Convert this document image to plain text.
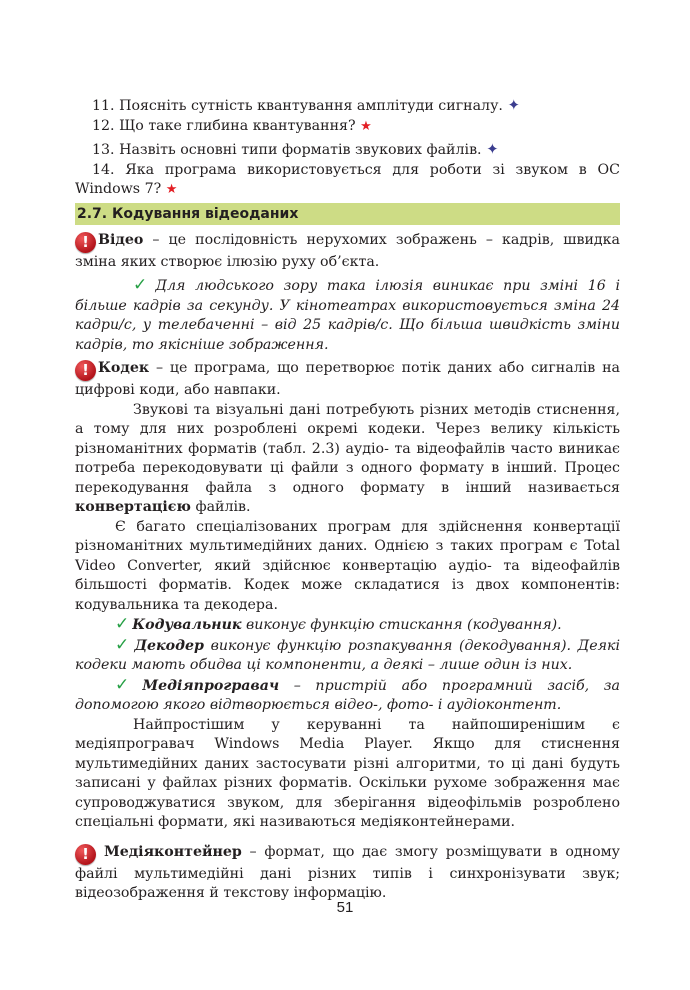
11. Поясніть сутність квантування амплітуди сигналу. ✦

12. Що таке глибина квантування? ★

13. Назвіть основні типи форматів звукових файлів. ✦

14. Яка програма використовується для роботи зі звуком в ОС Windows 7? ★

2.7. Кодування відеоданих

! Відео – це послідовність нерухомих зображень – кадрів, швидка зміна яких створює ілюзію руху об’єкта.

✓ Для людського зору така ілюзія виникає при зміні 16 і більше кадрів за секунду. У кінотеатрах використовується зміна 24 кадри/с, у телебаченні – від 25 кадрів/с. Що більша швидкість зміни кадрів, то якісніше зображення.

! Кодек – це програма, що перетворює потік даних або сигналів на цифрові коди, або навпаки.

Звукові та візуальні дані потребують різних методів стиснення, а тому для них розроблені окремі кодеки. Через велику кількість різноманітних форматів (табл. 2.3) аудіо- та відеофайлів часто виникає потреба перекодовувати ці файли з одного формату в інший. Процес перекодування файла з одного формату в інший називається конвертацією файлів.

Є багато спеціалізованих програм для здійснення конвертації різноманітних мультимедійних даних. Однією з таких програм є Total Video Converter, який здійснює конвертацію аудіо- та відеофайлів більшості форматів. Кодек може складатися із двох компонентів: кодувальника та декодера.

✓ Кодувальник виконує функцію стискання (кодування).

✓ Декодер виконує функцію розпакування (декодування). Деякі кодеки мають обидва ці компоненти, а деякі – лише один із них.

✓ Медіяпрогравач – пристрій або програмний засіб, за допомогою якого відтворюється відео-, фото- і аудіоконтент.

Найпростішим у керуванні та найпоширенішим є медіяпрогравач Windows Media Player. Якщо для стиснення мультимедійних даних застосувати різні алгоритми, то ці дані будуть записані у файлах різних форматів. Оскільки рухоме зображення має супроводжуватися звуком, для зберігання відеофільмів розроблено спеціальні формати, які називаються медіяконтейнерами.

! Медіяконтейнер – формат, що дає змогу розміщувати в одному файлі мультимедійні дані різних типів і синхронізувати звук; відеозображення й текстову інформацію.

51
